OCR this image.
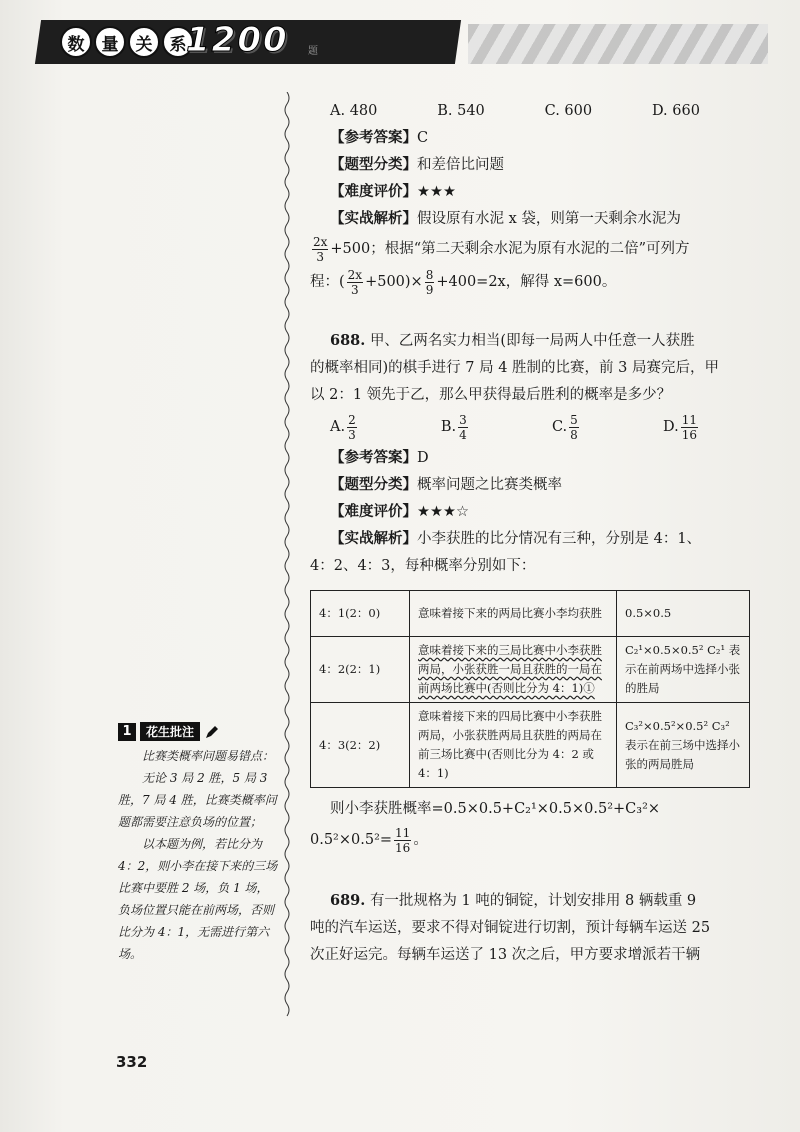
数	量	关	系 1200 题
A. 480	B. 540	C. 600	D. 660
【参考答案】C
【题型分类】和差倍比问题
【难度评价】★★★
【实战解析】假设原有水泥 x 袋，则第一天剩余水泥为
$\frac{2x}{3} +500$；根据“第二天剩余水泥为原有水泥的二倍”可列方
程：( $\frac{2x}{3} +500)\times \frac{8}{9} +400=2x$，解得 x=600。
688. 甲、乙两名实力相当(即每一局两人中任意一人获胜
的概率相同)的棋手进行 7 局 4 胜制的比赛，前 3 局赛完后，甲
以 2：1 领先于乙，那么甲获得最后胜利的概率是多少？
A. $\frac{2}{3}$	B. $\frac{3}{4}$	C. $\frac{5}{8}$	D. $\frac{11}{16}$
【参考答案】D
【题型分类】概率问题之比赛类概率
【难度评价】★★★☆
【实战解析】小李获胜的比分情况有三种，分别是 4：1、
4：2、4：3，每种概率分别如下：
4：1(2：0)	意味着接下来的两局比赛小李均获胜	0.5×0.5
4：2(2：1)	意味着接下来的三局比赛中小李获胜两局，小张获胜一局且获胜的一局在前两场比赛中(否则比分为 4：1)①	C₂¹×0.5×0.5² C₂¹ 表示在前两场中选择小张的胜局
4：3(2：2)	意味着接下来的四局比赛中小李获胜两局，小张获胜两局且获胜的两局在前三场比赛中(否则比分为 4：2 或 4：1)	C₃²×0.5²×0.5² C₃² 表示在前三场中选择小张的两局胜局
则小李获胜概率=0.5×0.5+C₂¹×0.5×0.5²+C₃²×
$0.5^2\times 0.5^2= \frac{11}{16}$ 。
689. 有一批规格为 1 吨的铜锭，计划安排用 8 辆载重 9
吨的汽车运送，要求不得对铜锭进行切割，预计每辆车运送 25
次正好运完。每辆车运送了 13 次之后，甲方要求增派若干辆
1	花生批注

比赛类概率问题易错点：

无论 3 局 2 胜，5 局 3 胜，7 局 4 胜，比赛类概率问题都需要注意负场的位置；

以本题为例，若比分为 4：2，则小李在接下来的三场比赛中要胜 2 场，负 1 场，负场位置只能在前两场，否则比分为 4：1，无需进行第六场。

332
